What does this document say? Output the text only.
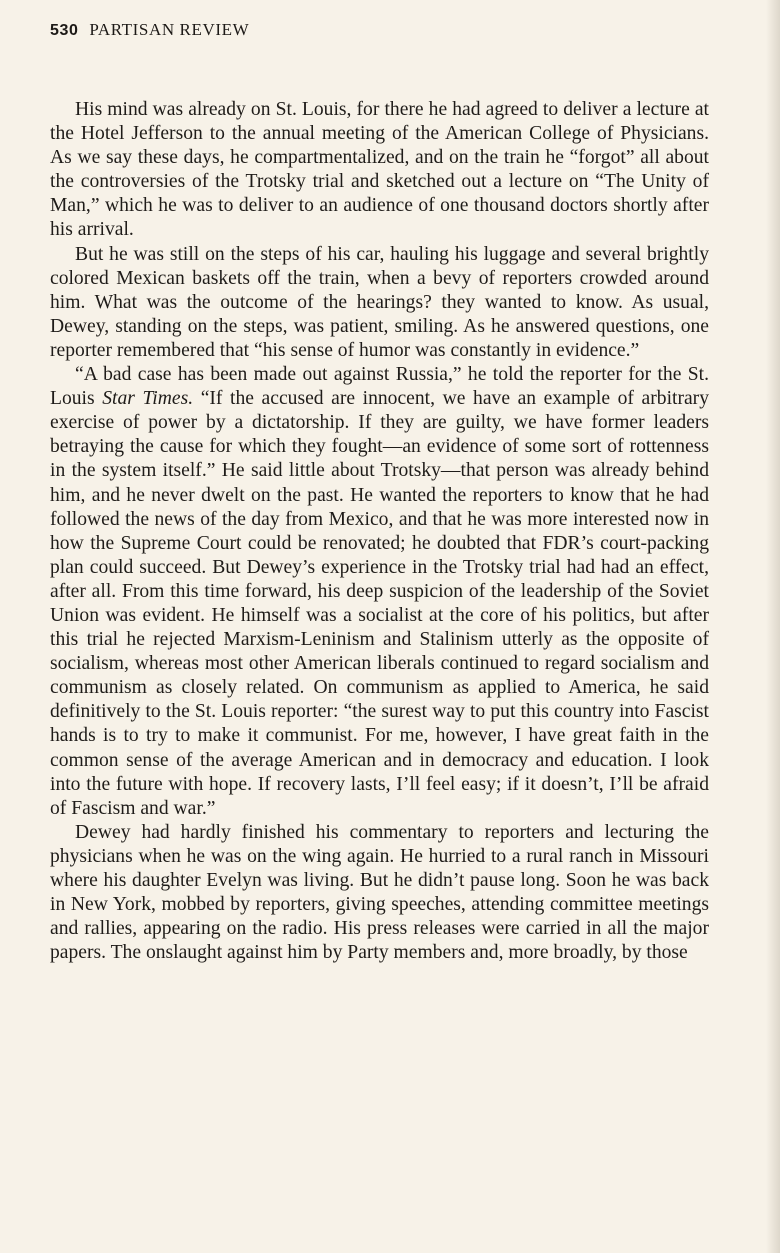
530 PARTISAN REVIEW

His mind was already on St. Louis, for there he had agreed to deliver a lecture at the Hotel Jefferson to the annual meeting of the American College of Physicians. As we say these days, he compartmentalized, and on the train he “forgot” all about the controversies of the Trotsky trial and sketched out a lecture on “The Unity of Man,” which he was to deliver to an audience of one thousand doctors shortly after his arrival.

But he was still on the steps of his car, hauling his luggage and several brightly colored Mexican baskets off the train, when a bevy of reporters crowded around him. What was the outcome of the hearings? they wanted to know. As usual, Dewey, standing on the steps, was patient, smiling. As he answered questions, one reporter remembered that “his sense of humor was constantly in evidence.”

“A bad case has been made out against Russia,” he told the reporter for the St. Louis Star Times. “If the accused are innocent, we have an example of arbitrary exercise of power by a dictatorship. If they are guilty, we have former leaders betraying the cause for which they fought—an evidence of some sort of rottenness in the system itself.” He said little about Trotsky—that person was already behind him, and he never dwelt on the past. He wanted the reporters to know that he had followed the news of the day from Mexico, and that he was more interested now in how the Supreme Court could be renovated; he doubted that FDR’s court-packing plan could succeed. But Dewey’s experience in the Trotsky trial had had an effect, after all. From this time forward, his deep suspicion of the leadership of the Soviet Union was evident. He himself was a socialist at the core of his politics, but after this trial he rejected Marxism-Leninism and Stalinism utterly as the opposite of socialism, whereas most other American liberals continued to regard socialism and communism as closely related. On communism as applied to America, he said definitively to the St. Louis reporter: “the surest way to put this country into Fascist hands is to try to make it communist. For me, however, I have great faith in the common sense of the average American and in democracy and education. I look into the future with hope. If recovery lasts, I’ll feel easy; if it doesn’t, I’ll be afraid of Fascism and war.”

Dewey had hardly finished his commentary to reporters and lecturing the physicians when he was on the wing again. He hurried to a rural ranch in Missouri where his daughter Evelyn was living. But he didn’t pause long. Soon he was back in New York, mobbed by reporters, giving speeches, attending committee meetings and rallies, appearing on the radio. His press releases were carried in all the major papers. The onslaught against him by Party members and, more broadly, by those
